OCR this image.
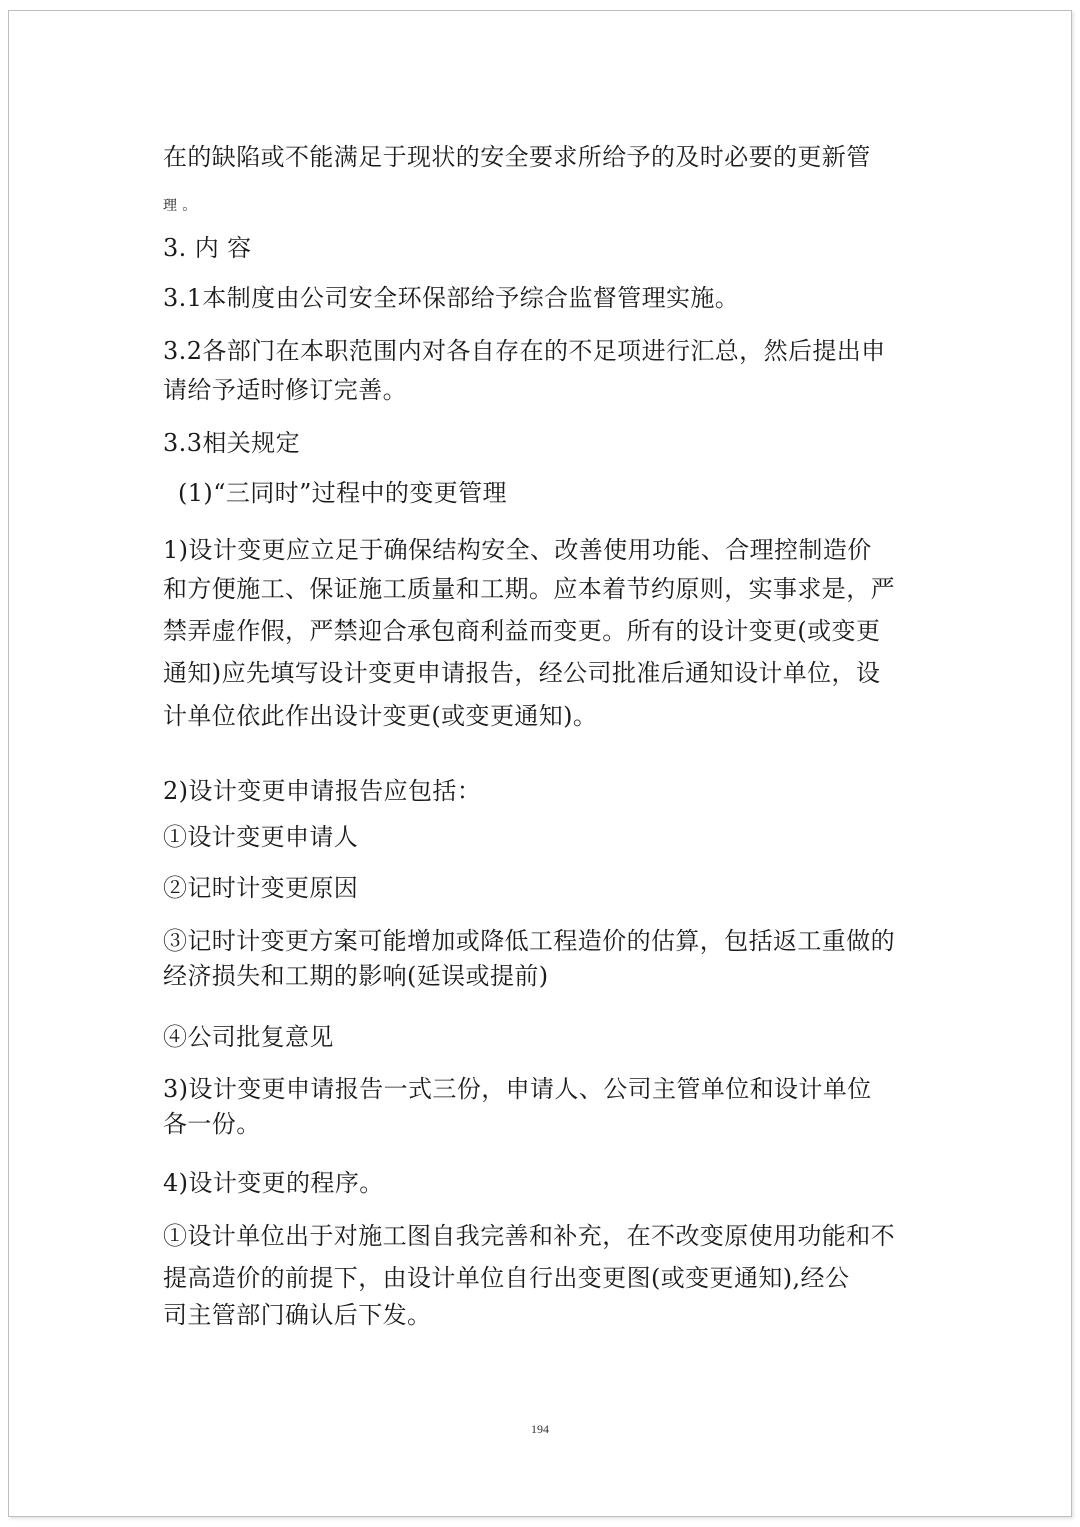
在的缺陷或不能满足于现状的安全要求所给予的及时必要的更新管
理 。
3. 内 容
3.1本制度由公司安全环保部给予综合监督管理实施。
3.2各部门在本职范围内对各自存在的不足项进行汇总，然后提出申
请给予适时修订完善。
3.3相关规定
(1)“三同时”过程中的变更管理
1)设计变更应立足于确保结构安全、改善使用功能、合理控制造价
和方便施工、保证施工质量和工期。应本着节约原则，实事求是，严
禁弄虚作假，严禁迎合承包商利益而变更。所有的设计变更(或变更
通知)应先填写设计变更申请报告，经公司批准后通知设计单位，设
计单位依此作出设计变更(或变更通知)。
2)设计变更申请报告应包括：
①设计变更申请人
②记时计变更原因
③记时计变更方案可能增加或降低工程造价的估算，包括返工重做的
经济损失和工期的影响(延误或提前)
④公司批复意见
3)设计变更申请报告一式三份，申请人、公司主管单位和设计单位
各一份。
4)设计变更的程序。
①设计单位出于对施工图自我完善和补充，在不改变原使用功能和不
提高造价的前提下，由设计单位自行出变更图(或变更通知),经公
司主管部门确认后下发。
194
